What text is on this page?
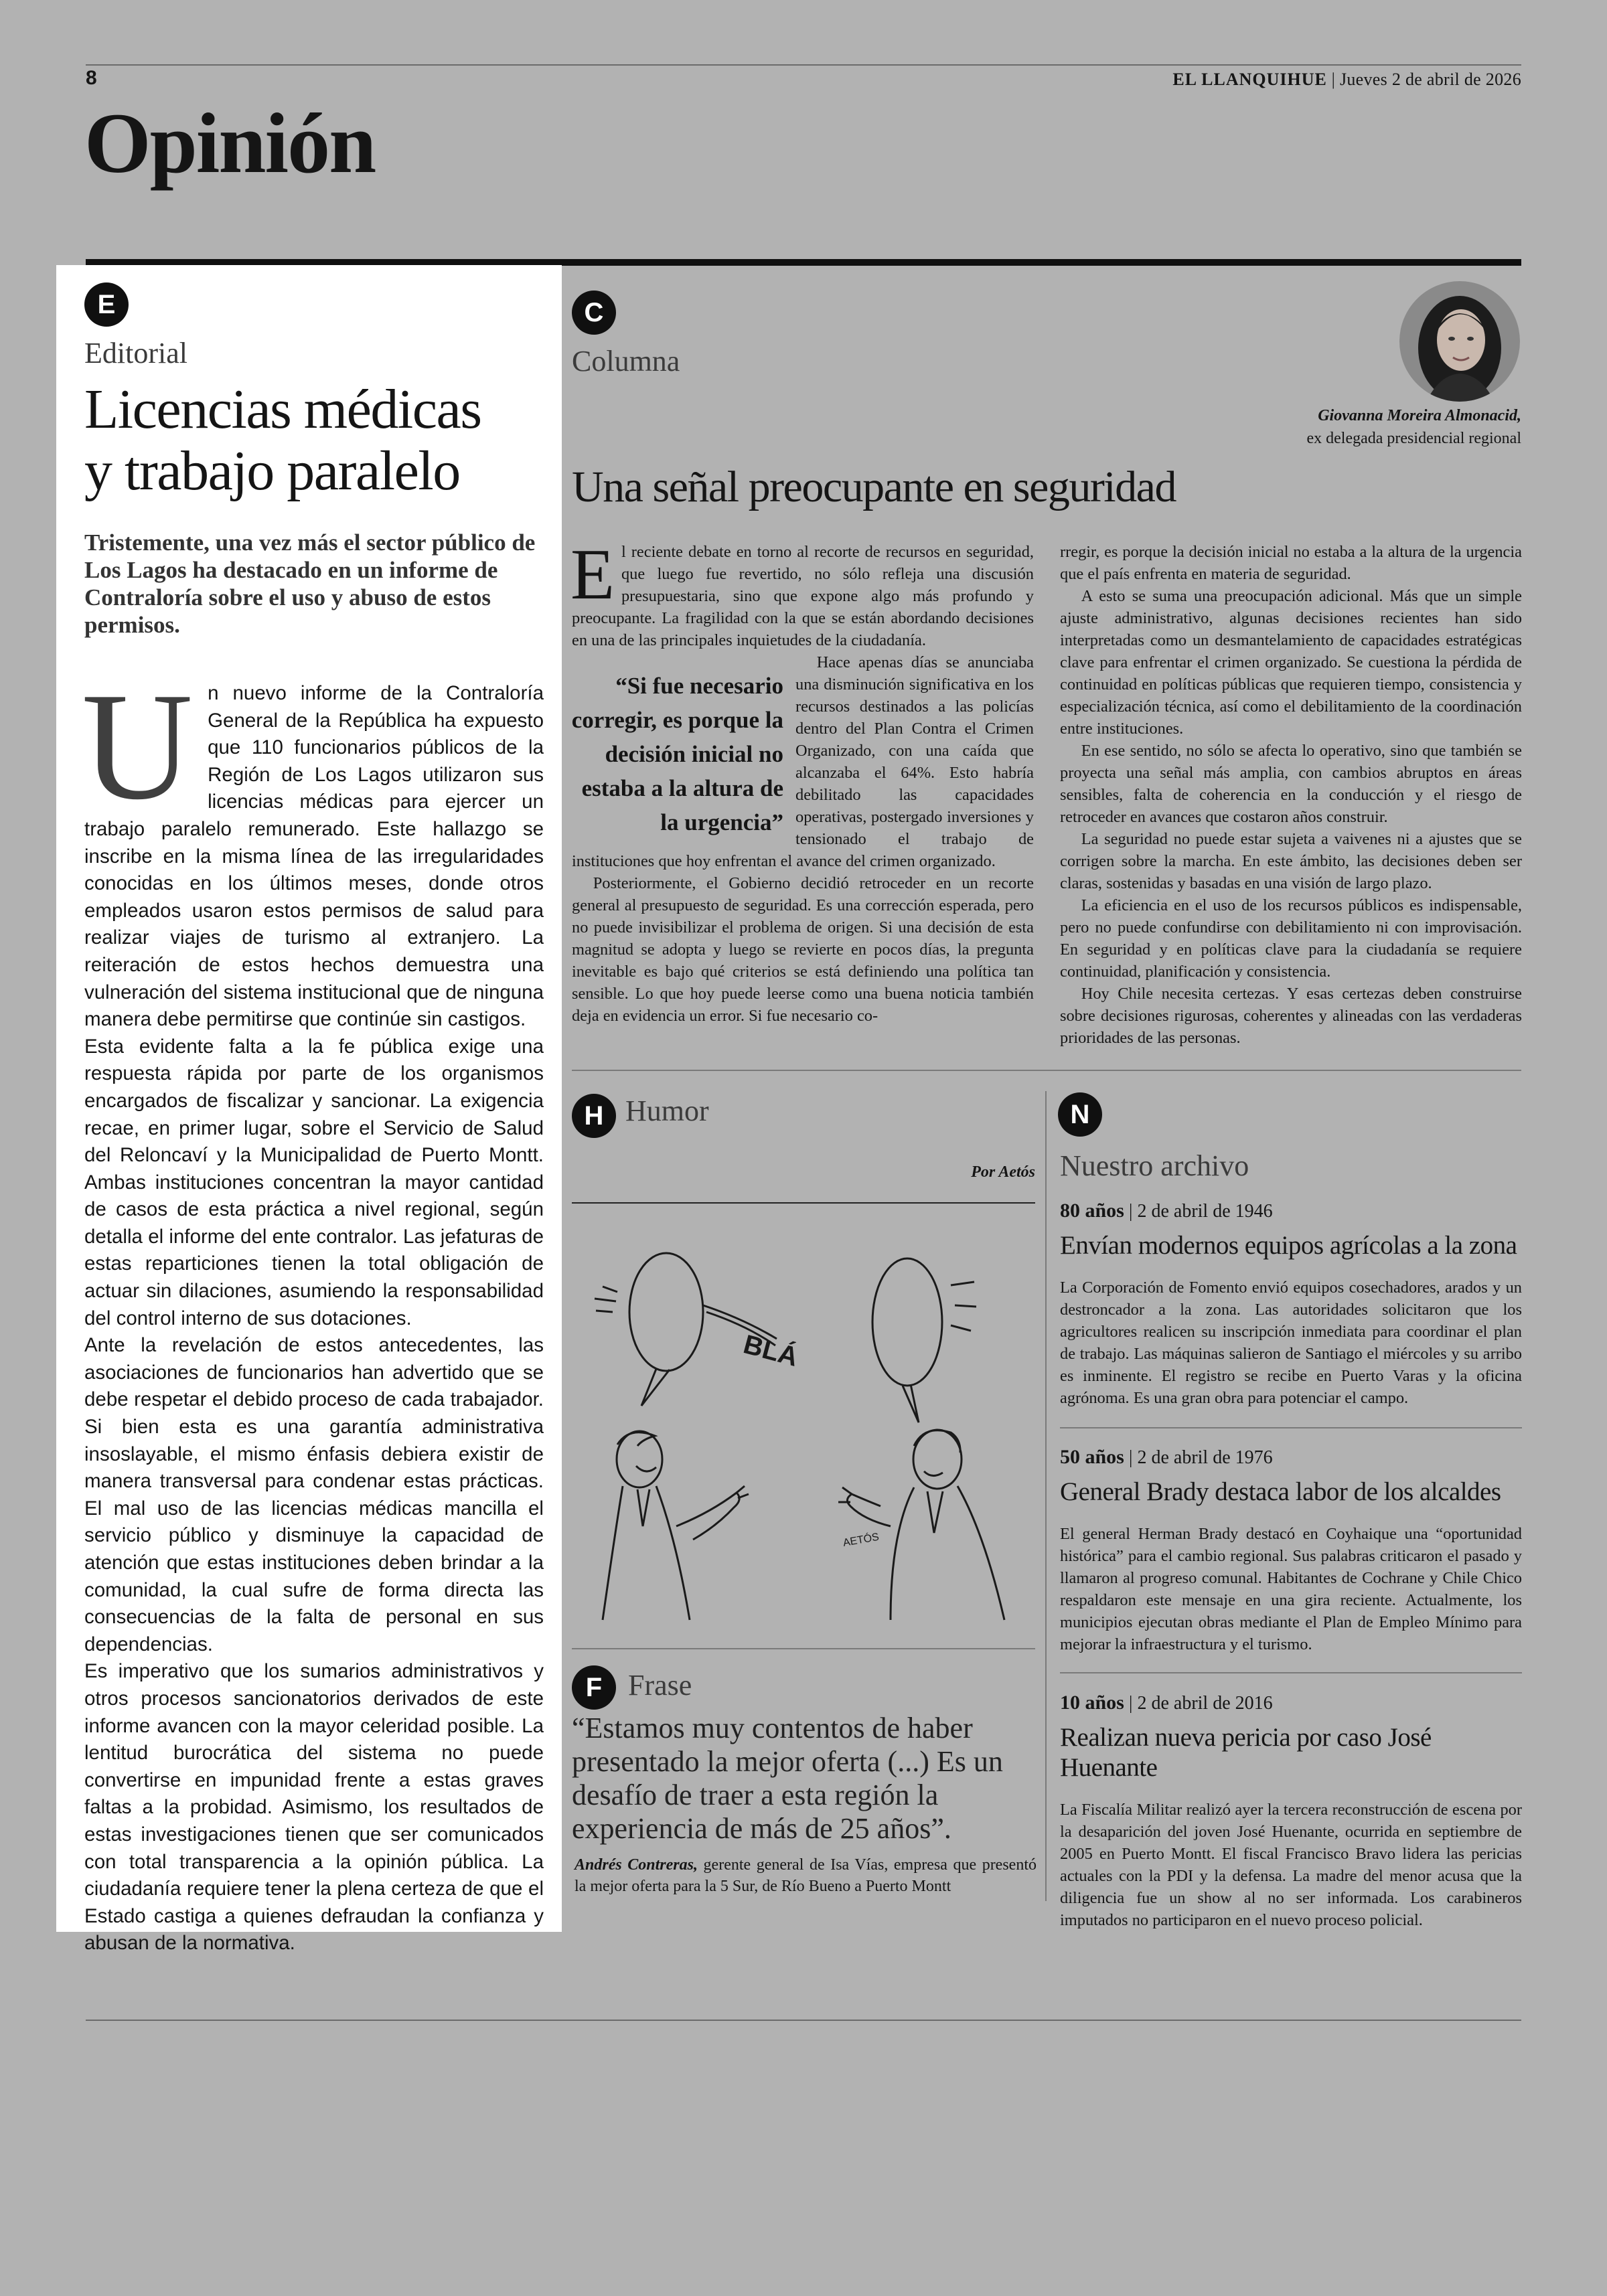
8	EL LLANQUIHUE | Jueves 2 de abril de 2026
Opinión
E
Editorial
Licencias médicas
y trabajo paralelo
Tristemente, una vez más el sector público de Los Lagos ha destacado en un informe de Contraloría sobre el uso y abuso de estos permisos.

Un nuevo informe de la Contraloría General de la República ha expuesto que 110 funcionarios públicos de la Región de Los Lagos utilizaron sus licencias médicas para ejercer un trabajo paralelo remunerado. Este hallazgo se inscribe en la misma línea de las irregularidades conocidas en los últimos meses, donde otros empleados usaron estos permisos de salud para realizar viajes de turismo al extranjero. La reiteración de estos hechos demuestra una vulneración del sistema institucional que de ninguna manera debe permitirse que continúe sin castigos.

Esta evidente falta a la fe pública exige una respuesta rápida por parte de los organismos encargados de fiscalizar y sancionar. La exigencia recae, en primer lugar, sobre el Servicio de Salud del Reloncaví y la Municipalidad de Puerto Montt. Ambas instituciones concentran la mayor cantidad de casos de esta práctica a nivel regional, según detalla el informe del ente contralor. Las jefaturas de estas reparticiones tienen la total obligación de actuar sin dilaciones, asumiendo la responsabilidad del control interno de sus dotaciones.

Ante la revelación de estos antecedentes, las asociaciones de funcionarios han advertido que se debe respetar el debido proceso de cada trabajador. Si bien esta es una garantía administrativa insoslayable, el mismo énfasis debiera existir de manera transversal para condenar estas prácticas. El mal uso de las licencias médicas mancilla el servicio público y disminuye la capacidad de atención que estas instituciones deben brindar a la comunidad, la cual sufre de forma directa las consecuencias de la falta de personal en sus dependencias.

Es imperativo que los sumarios administrativos y otros procesos sancionatorios derivados de este informe avancen con la mayor celeridad posible. La lentitud burocrática del sistema no puede convertirse en impunidad frente a estas graves faltas a la probidad. Asimismo, los resultados de estas investigaciones tienen que ser comunicados con total transparencia a la opinión pública. La ciudadanía requiere tener la plena certeza de que el Estado castiga a quienes defraudan la confianza y abusan de la normativa.

C
Columna
Giovanna Moreira Almonacid,
ex delegada presidencial regional
Una señal preocupante en seguridad

El reciente debate en torno al recorte de recursos en seguridad, que luego fue revertido, no sólo refleja una discusión presupuestaria, sino que expone algo más profundo y preocupante. La fragilidad con la que se están abordando decisiones en una de las principales inquietudes de la ciudadanía.

“Si fue necesario corregir, es porque la decisión inicial no estaba a la altura de la urgencia”
Hace apenas días se anunciaba una disminución significativa en los recursos destinados a las policías dentro del Plan Contra el Crimen Organizado, con una caída que alcanzaba el 64%. Esto habría debilitado las capacidades operativas, postergado inversiones y tensionado el trabajo de instituciones que hoy enfrentan el avance del crimen organizado.

Posteriormente, el Gobierno decidió retroceder en un recorte general al presupuesto de seguridad. Es una corrección esperada, pero no puede invisibilizar el problema de origen. Si una decisión de esta magnitud se adopta y luego se revierte en pocos días, la pregunta inevitable es bajo qué criterios se está definiendo una política tan sensible. Lo que hoy puede leerse como una buena noticia también deja en evidencia un error. Si fue necesario co-

rregir, es porque la decisión inicial no estaba a la altura de la urgencia que el país enfrenta en materia de seguridad.

A esto se suma una preocupación adicional. Más que un simple ajuste administrativo, algunas decisiones recientes han sido interpretadas como un desmantelamiento de capacidades estratégicas clave para enfrentar el crimen organizado. Se cuestiona la pérdida de continuidad en políticas públicas que requieren tiempo, consistencia y especialización técnica, así como el debilitamiento de la coordinación entre instituciones.

En ese sentido, no sólo se afecta lo operativo, sino que también se proyecta una señal más amplia, con cambios abruptos en áreas sensibles, falta de coherencia en la conducción y el riesgo de retroceder en avances que costaron años construir.

La seguridad no puede estar sujeta a vaivenes ni a ajustes que se corrigen sobre la marcha. En este ámbito, las decisiones deben ser claras, sostenidas y basadas en una visión de largo plazo.

La eficiencia en el uso de los recursos públicos es indispensable, pero no puede confundirse con debilitamiento ni con improvisación. En seguridad y en políticas clave para la ciudadanía se requiere continuidad, planificación y consistencia.

Hoy Chile necesita certezas. Y esas certezas deben construirse sobre decisiones rigurosas, coherentes y alineadas con las verdaderas prioridades de las personas.

H Humor
Por Aetós
BLÁ
AETÓS
F Frase
“Estamos muy contentos de haber presentado la mejor oferta (...) Es un desafío de traer a esta región la experiencia de más de 25 años”.
Andrés Contreras, gerente general de Isa Vías, empresa que presentó la mejor oferta para la 5 Sur, de Río Bueno a Puerto Montt
N
Nuestro archivo
80 años | 2 de abril de 1946
Envían modernos equipos agrícolas a la zona
La Corporación de Fomento envió equipos cosechadores, arados y un destroncador a la zona. Las autoridades solicitaron que los agricultores realicen su inscripción inmediata para coordinar el plan de trabajo. Las máquinas salieron de Santiago el miércoles y su arribo es inminente. El registro se recibe en Puerto Varas y la oficina agrónoma. Es una gran obra para potenciar el campo.
50 años | 2 de abril de 1976
General Brady destaca labor de los alcaldes
El general Herman Brady destacó en Coyhaique una “oportunidad histórica” para el cambio regional. Sus palabras criticaron el pasado y llamaron al progreso comunal. Habitantes de Cochrane y Chile Chico respaldaron este mensaje en una gira reciente. Actualmente, los municipios ejecutan obras mediante el Plan de Empleo Mínimo para mejorar la infraestructura y el turismo.
10 años | 2 de abril de 2016
Realizan nueva pericia por caso José Huenante
La Fiscalía Militar realizó ayer la tercera reconstrucción de escena por la desaparición del joven José Huenante, ocurrida en septiembre de 2005 en Puerto Montt. El fiscal Francisco Bravo lidera las pericias actuales con la PDI y la defensa. La madre del menor acusa que la diligencia fue un show al no ser informada. Los carabineros imputados no participaron en el nuevo proceso policial.
